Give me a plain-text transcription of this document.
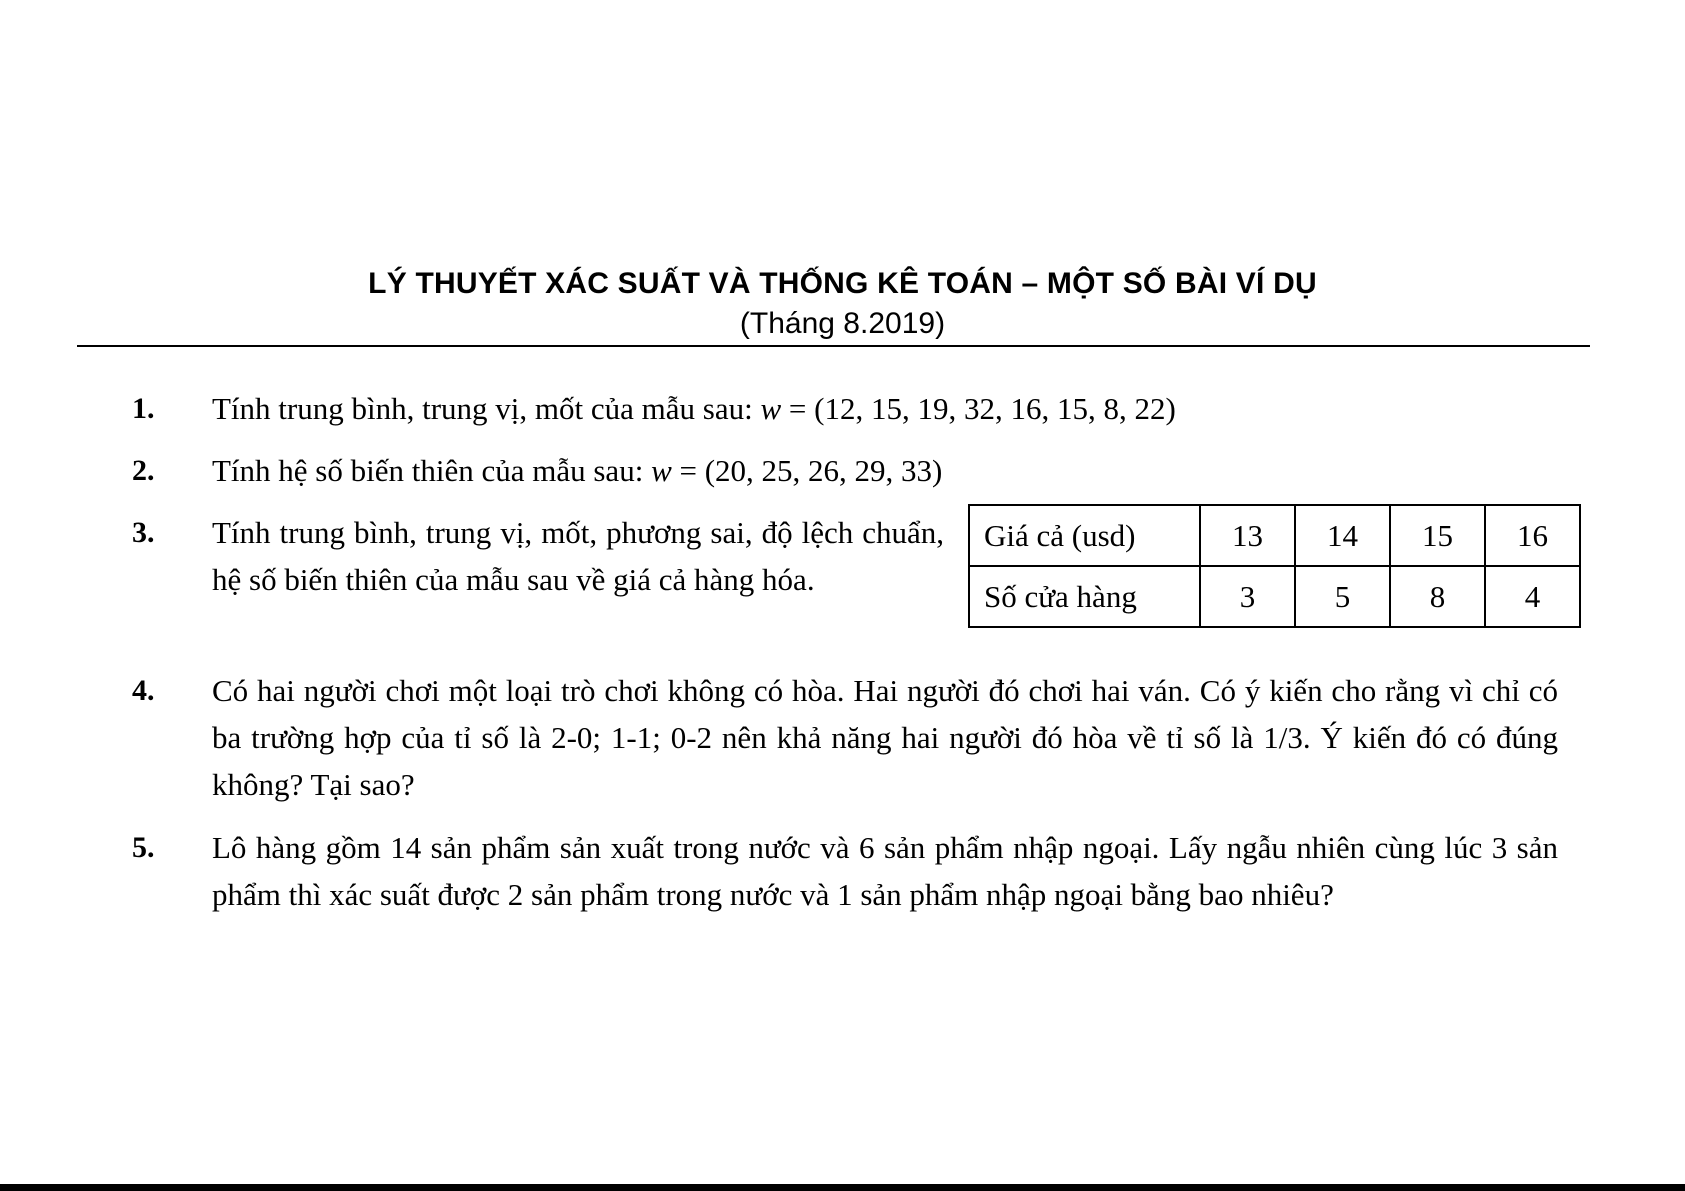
LÝ THUYẾT XÁC SUẤT VÀ THỐNG KÊ TOÁN – MỘT SỐ BÀI VÍ DỤ
(Tháng 8.2019)
1. Tính trung bình, trung vị, mốt của mẫu sau: w = (12, 15, 19, 32, 16, 15, 8, 22)
2. Tính hệ số biến thiên của mẫu sau: w = (20, 25, 26, 29, 33)
3. Tính trung bình, trung vị, mốt, phương sai, độ lệch chuẩn, hệ số biến thiên của mẫu sau về giá cả hàng hóa.
Giá cả (usd)	13	14	15	16
Số cửa hàng	3	5	8	4
4. Có hai người chơi một loại trò chơi không có hòa. Hai người đó chơi hai ván. Có ý kiến cho rằng vì chỉ có ba trường hợp của tỉ số là 2-0; 1-1; 0-2 nên khả năng hai người đó hòa về tỉ số là 1/3. Ý kiến đó có đúng không? Tại sao?
5. Lô hàng gồm 14 sản phẩm sản xuất trong nước và 6 sản phẩm nhập ngoại. Lấy ngẫu nhiên cùng lúc 3 sản phẩm thì xác suất được 2 sản phẩm trong nước và 1 sản phẩm nhập ngoại bằng bao nhiêu?
